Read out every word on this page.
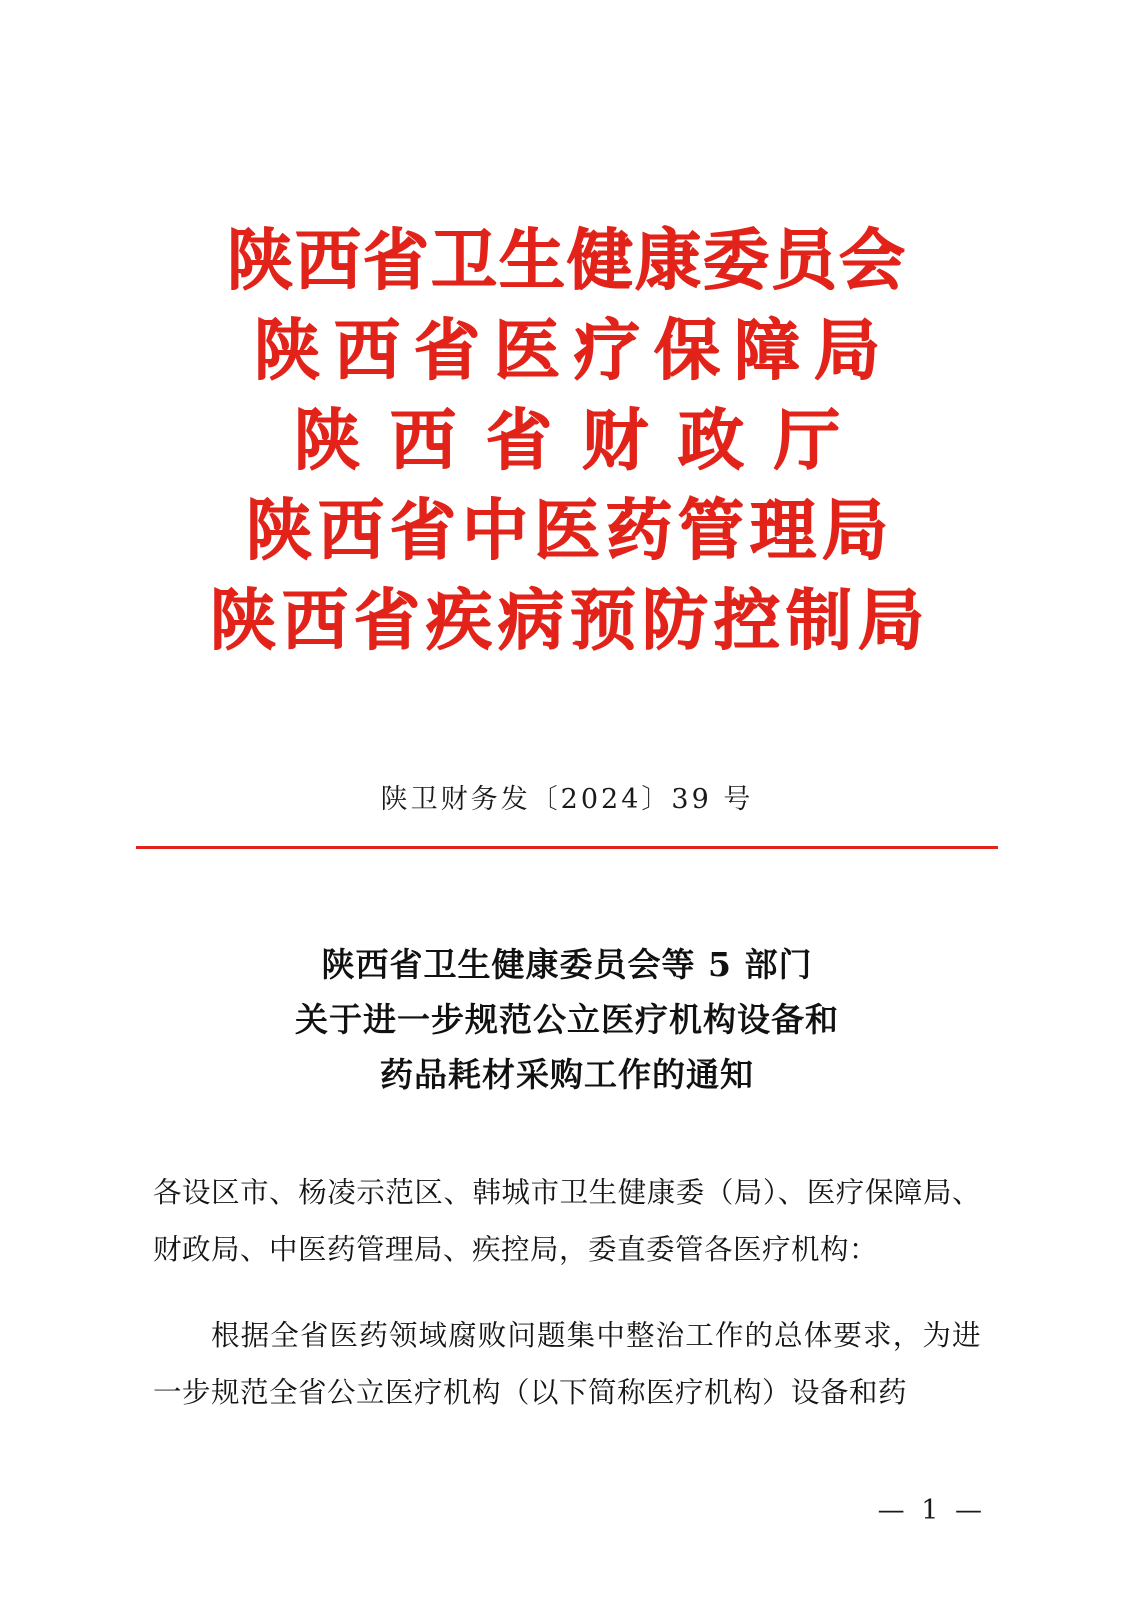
陕西省卫生健康委员会
陕西省医疗保障局
陕西省财政厅
陕西省中医药管理局
陕西省疾病预防控制局
陕卫财务发〔2024〕39 号
陕西省卫生健康委员会等 5 部门
关于进一步规范公立医疗机构设备和
药品耗材采购工作的通知

各设区市、杨凌示范区、韩城市卫生健康委（局）、医疗保障局、财政局、中医药管理局、疾控局，委直委管各医疗机构：

根据全省医药领域腐败问题集中整治工作的总体要求，为进一步规范全省公立医疗机构（以下简称医疗机构）设备和药

— 1 —
